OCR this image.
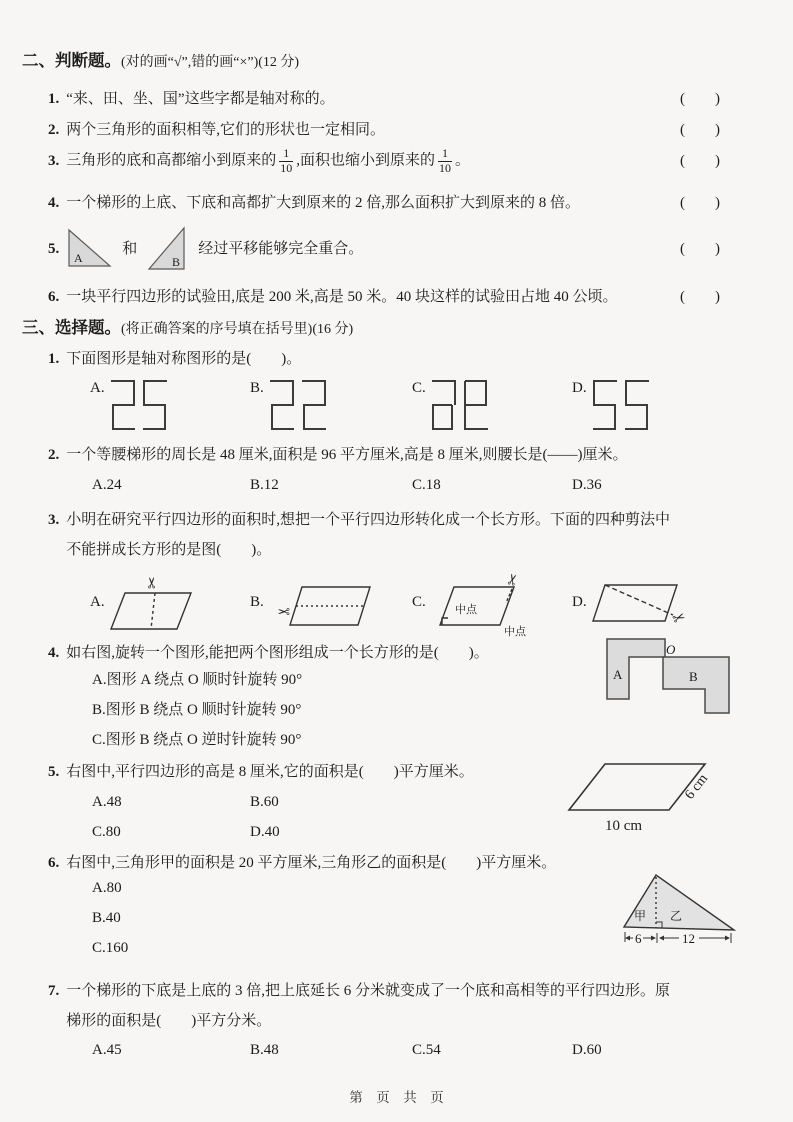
二、判断题。(对的画“√”,错的画“×”)(12 分)
1. “来、田、坐、国”这些字都是轴对称的。	(　　)
2. 两个三角形的面积相等,它们的形状也一定相同。	(　　)
3. 三角形的底和高都缩小到原来的 $\frac{1}{10}$ ,面积也缩小到原来的 $\frac{1}{10}$ 。	(　　)
4. 一个梯形的上底、下底和高都扩大到原来的 2 倍,那么面积扩大到原来的 8 倍。	(　　)
5.
A
和
B
经过平移能够完全重合。	(　　)
6. 一块平行四边形的试验田,底是 200 米,高是 50 米。40 块这样的试验田占地 40 公顷。	(　　)
三、选择题。(将正确答案的序号填在括号里)(16 分)
1. 下面图形是轴对称图形的是(　　)。
A.	B.	C.	D.
2. 一个等腰梯形的周长是 48 厘米,面积是 96 平方厘米,高是 8 厘米,则腰长是(——)厘米。
A.24	B.12	C.18	D.36
3. 小明在研究平行四边形的面积时,想把一个平行四边形转化成一个长方形。下面的四种剪法中
不能拼成长方形的是图(　　)。
A.
✂
B.
✂
C.	中点
✂
中点
D.
✂
4. 如右图,旋转一个图形,能把两个图形组成一个长方形的是(　　)。
A.图形 A 绕点 O 顺时针旋转 90°
B.图形 B 绕点 O 顺时针旋转 90°
C.图形 B 绕点 O 逆时针旋转 90°
O
A	B
5. 右图中,平行四边形的高是 8 厘米,它的面积是(　　)平方厘米。
A.48	B.60
C.80	D.40	10 cm
6 cm
6. 右图中,三角形甲的面积是 20 平方厘米,三角形乙的面积是(　　)平方厘米。
A.80
B.40
C.160
甲 乙
6	12
7. 一个梯形的下底是上底的 3 倍,把上底延长 6 分米就变成了一个底和高相等的平行四边形。原
梯形的面积是(　　)平方分米。
A.45	B.48	C.54	D.60
第　页　共　页
